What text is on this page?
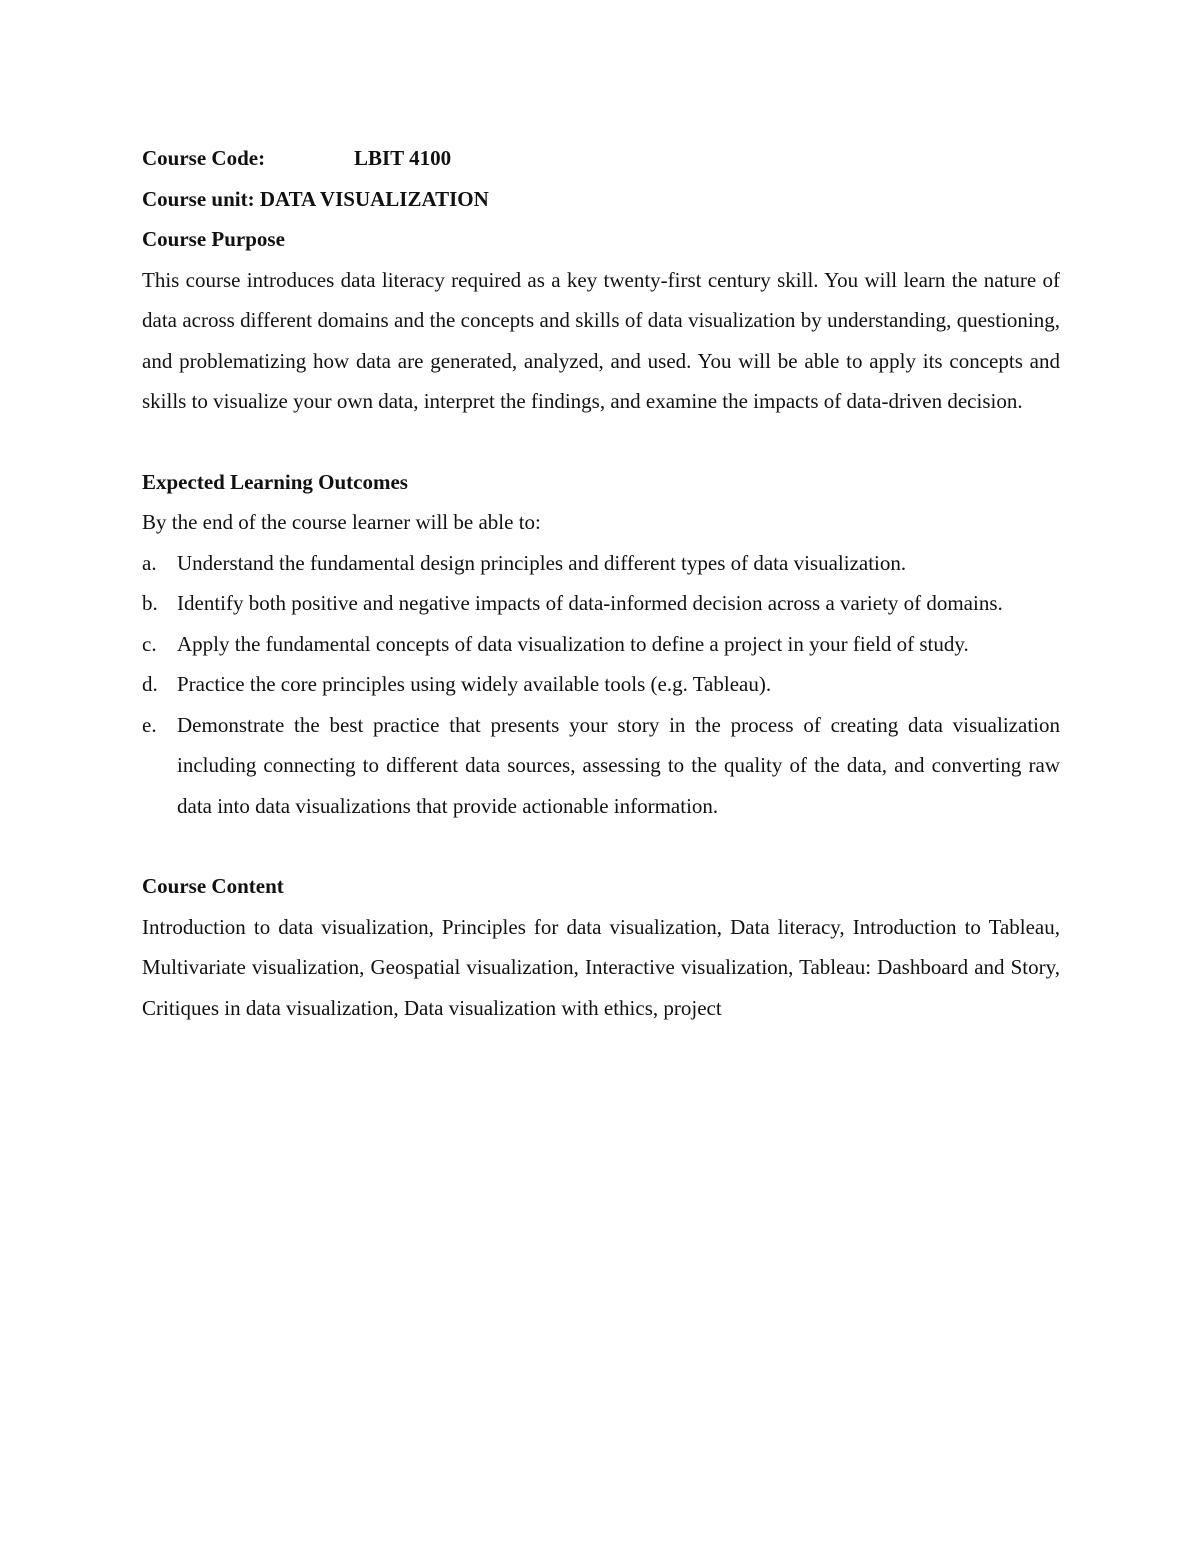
Course Code:	LBIT 4100
Course unit: DATA VISUALIZATION
Course Purpose
This course introduces data literacy required as a key twenty-first century skill. You will learn the nature of data across different domains and the concepts and skills of data visualization by understanding, questioning, and problematizing how data are generated, analyzed, and used. You will be able to apply its concepts and skills to visualize your own data, interpret the findings, and examine the impacts of data-driven decision.
Expected Learning Outcomes
By the end of the course learner will be able to:
a. Understand the fundamental design principles and different types of data visualization.
b. Identify both positive and negative impacts of data-informed decision across a variety of domains.
c. Apply the fundamental concepts of data visualization to define a project in your field of study.
d. Practice the core principles using widely available tools (e.g. Tableau).
e. Demonstrate the best practice that presents your story in the process of creating data visualization including connecting to different data sources, assessing to the quality of the data, and converting raw data into data visualizations that provide actionable information.
Course Content
Introduction to data visualization, Principles for data visualization, Data literacy, Introduction to Tableau, Multivariate visualization, Geospatial visualization, Interactive visualization, Tableau: Dashboard and Story, Critiques in data visualization, Data visualization with ethics, project
